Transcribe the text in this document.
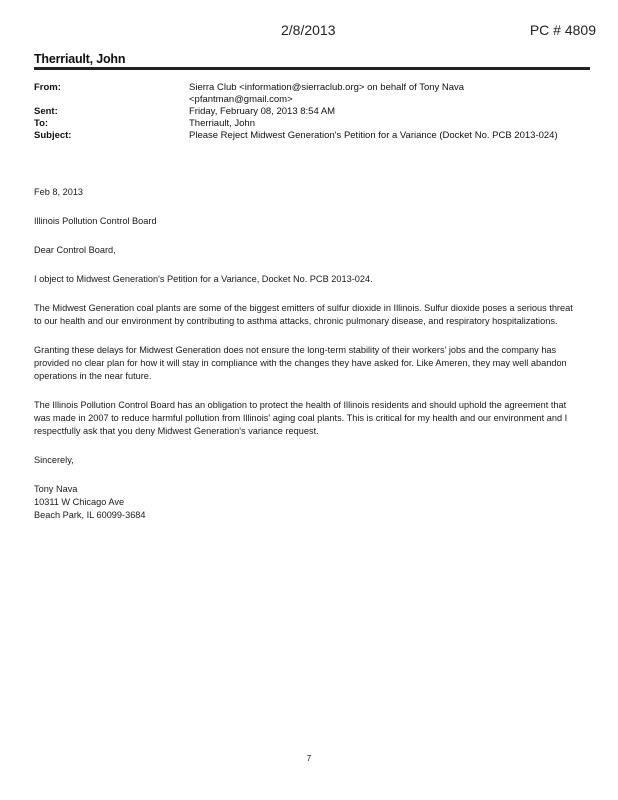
2/8/2013	PC # 4809
Therriault, John
From:	Sierra Club <information@sierraclub.org> on behalf of Tony Nava
<pfantman@gmail.com>
Sent:	Friday, February 08, 2013 8:54 AM
To:	Therriault, John
Subject:	Please Reject Midwest Generation's Petition for a Variance (Docket No. PCB 2013-024)

Feb 8, 2013

Illinois Pollution Control Board

Dear Control Board,

I object to Midwest Generation's Petition for a Variance, Docket No. PCB 2013-024.

The Midwest Generation coal plants are some of the biggest emitters of sulfur dioxide in Illinois. Sulfur dioxide poses a serious threat to our health and our environment by contributing to asthma attacks, chronic pulmonary disease, and respiratory hospitalizations.

Granting these delays for Midwest Generation does not ensure the long-term stability of their workers' jobs and the company has provided no clear plan for how it will stay in compliance with the changes they have asked for. Like Ameren, they may well abandon operations in the near future.

The Illinois Pollution Control Board has an obligation to protect the health of Illinois residents and should uphold the agreement that was made in 2007 to reduce harmful pollution from Illinois' aging coal plants. This is critical for my health and our environment and I respectfully ask that you deny Midwest Generation's variance request.

Sincerely,

Tony Nava
10311 W Chicago Ave
Beach Park, IL 60099-3684
7
